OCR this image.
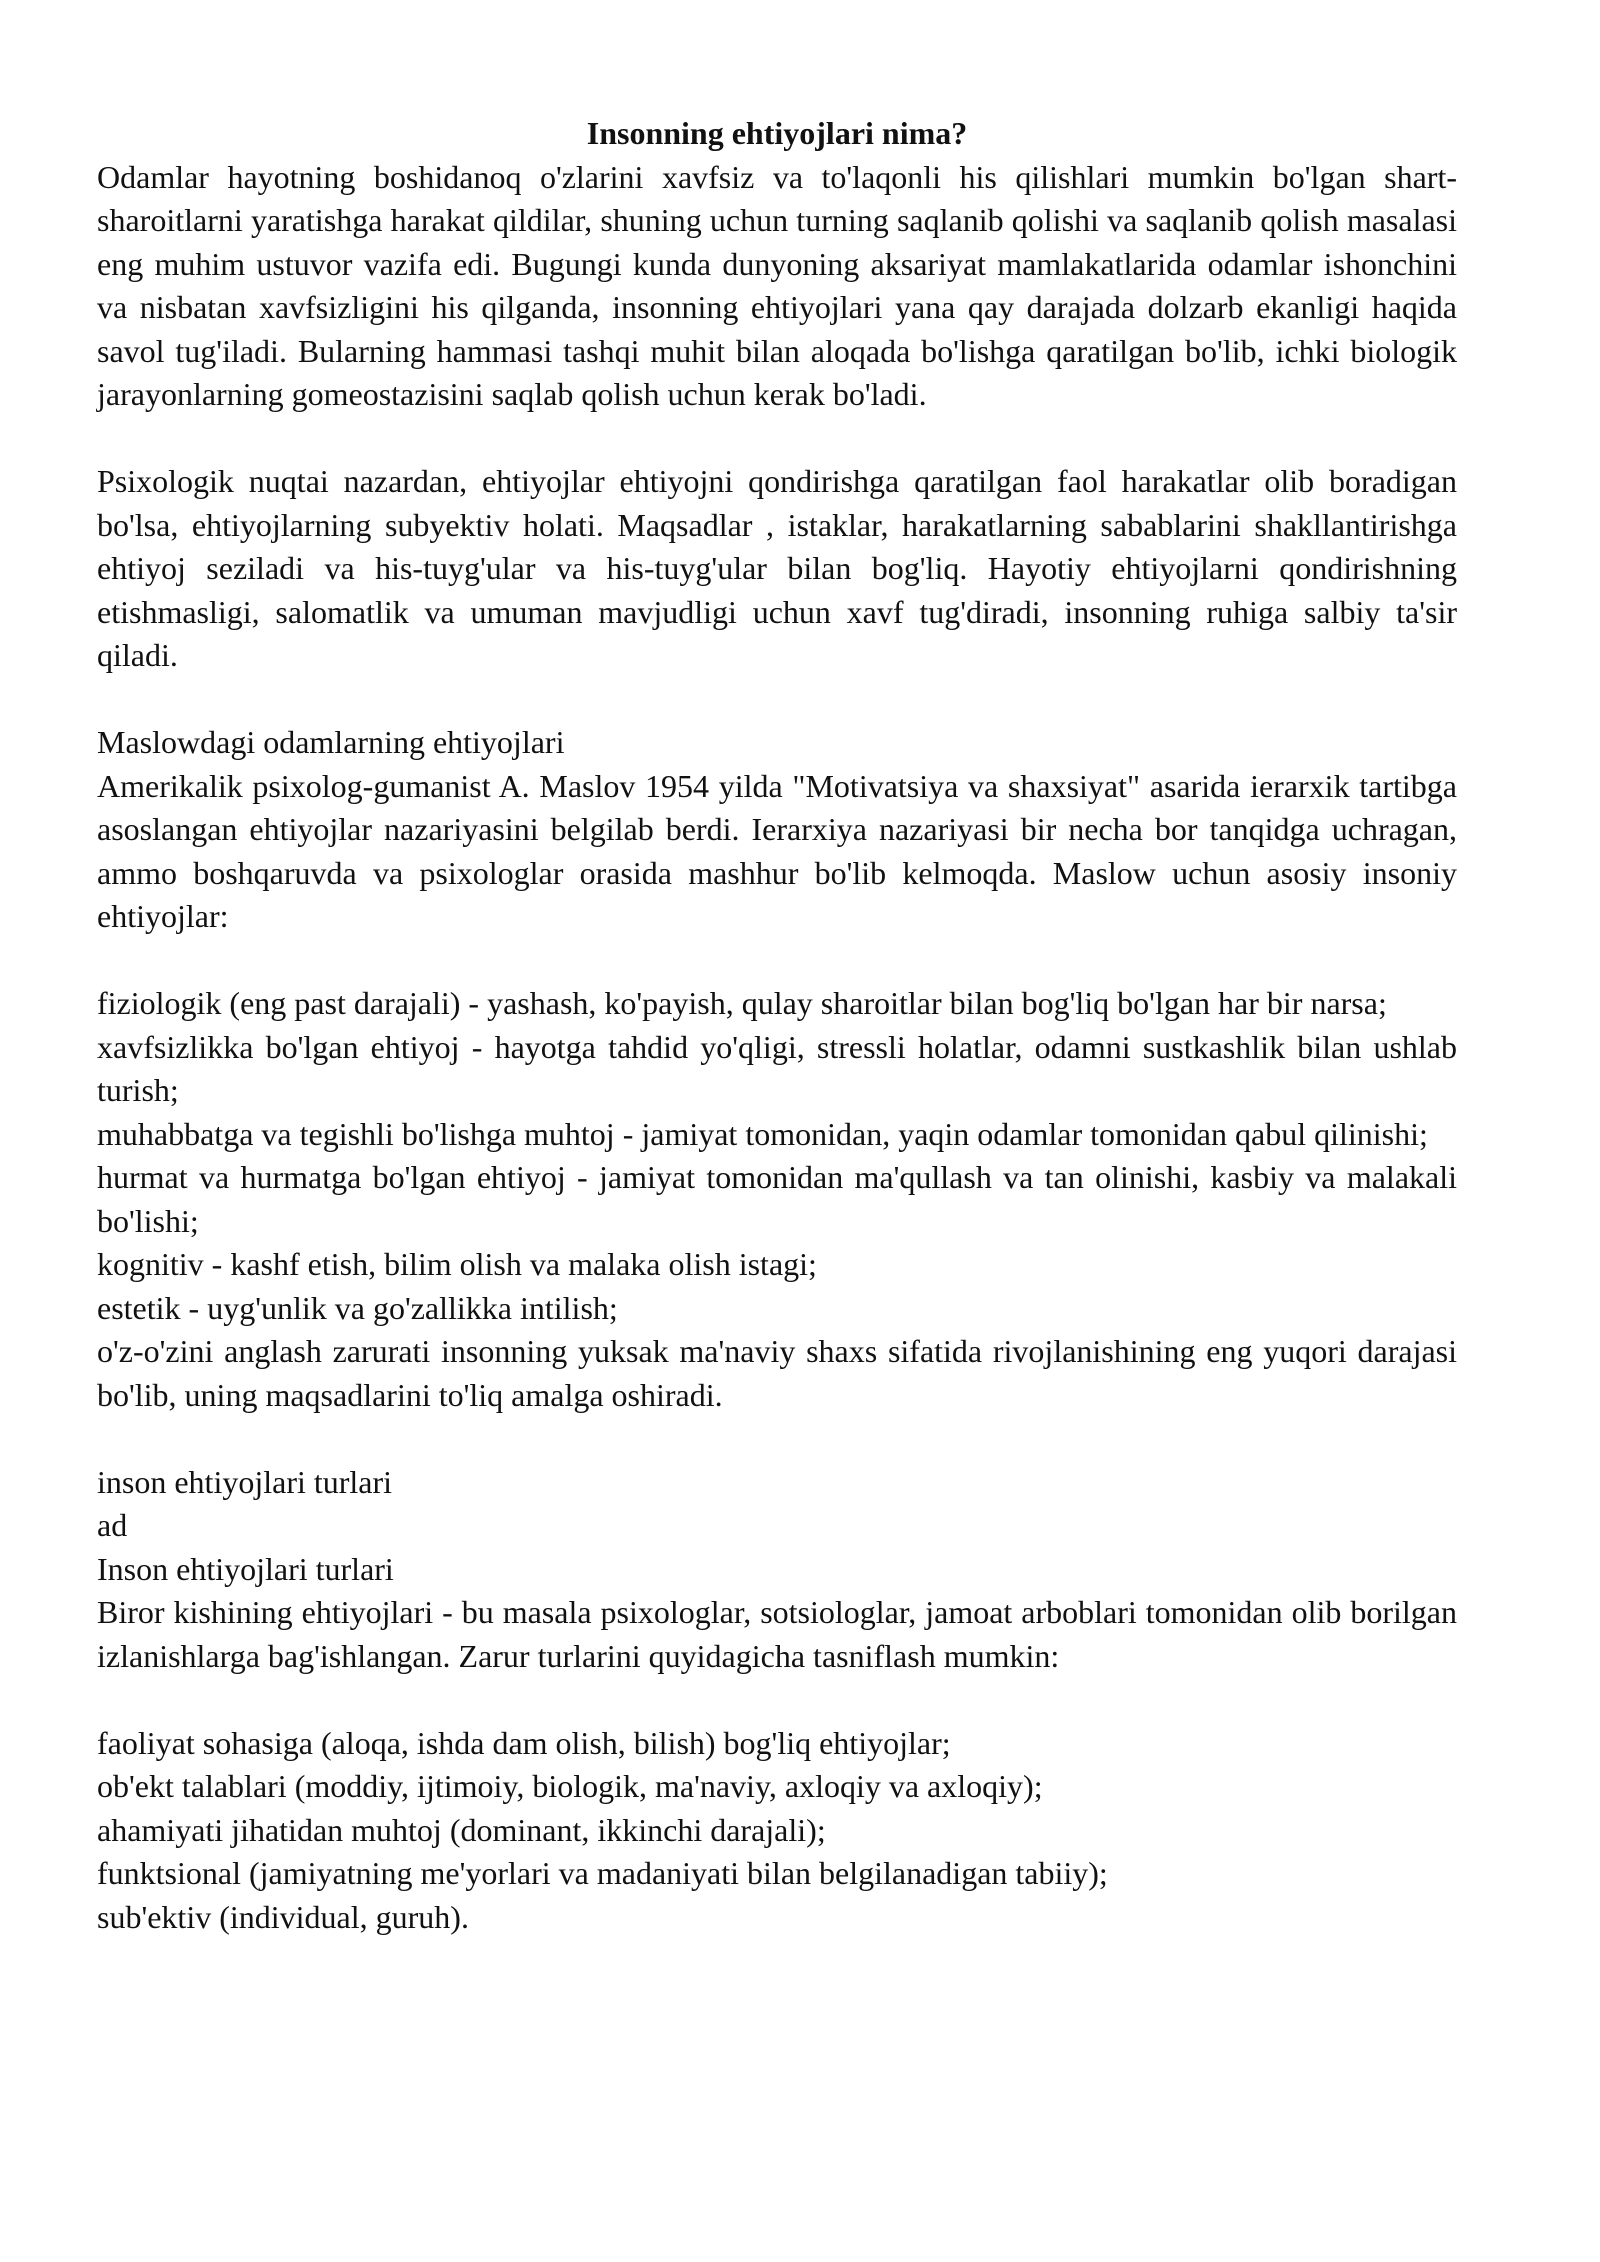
Insonning ehtiyojlari nima?

Odamlar hayotning boshidanoq o'zlarini xavfsiz va to'laqonli his qilishlari mumkin bo'lgan shart-sharoitlarni yaratishga harakat qildilar, shuning uchun turning saqlanib qolishi va saqlanib qolish masalasi eng muhim ustuvor vazifa edi. Bugungi kunda dunyoning aksariyat mamlakatlarida odamlar ishonchini va nisbatan xavfsizligini his qilganda, insonning ehtiyojlari yana qay darajada dolzarb ekanligi haqida savol tug'iladi. Bularning hammasi tashqi muhit bilan aloqada bo'lishga qaratilgan bo'lib, ichki biologik jarayonlarning gomeostazisini saqlab qolish uchun kerak bo'ladi.

Psixologik nuqtai nazardan, ehtiyojlar ehtiyojni qondirishga qaratilgan faol harakatlar olib boradigan bo'lsa, ehtiyojlarning subyektiv holati. Maqsadlar , istaklar, harakatlarning sabablarini shakllantirishga ehtiyoj seziladi va his-tuyg'ular va his-tuyg'ular bilan bog'liq. Hayotiy ehtiyojlarni qondirishning etishmasligi, salomatlik va umuman mavjudligi uchun xavf tug'diradi, insonning ruhiga salbiy ta'sir qiladi.

Maslowdagi odamlarning ehtiyojlari

Amerikalik psixolog-gumanist A. Maslov 1954 yilda "Motivatsiya va shaxsiyat" asarida ierarxik tartibga asoslangan ehtiyojlar nazariyasini belgilab berdi. Ierarxiya nazariyasi bir necha bor tanqidga uchragan, ammo boshqaruvda va psixologlar orasida mashhur bo'lib kelmoqda. Maslow uchun asosiy insoniy ehtiyojlar:

fiziologik (eng past darajali) - yashash, ko'payish, qulay sharoitlar bilan bog'liq bo'lgan har bir narsa;

xavfsizlikka bo'lgan ehtiyoj - hayotga tahdid yo'qligi, stressli holatlar, odamni sustkashlik bilan ushlab turish;

muhabbatga va tegishli bo'lishga muhtoj - jamiyat tomonidan, yaqin odamlar tomonidan qabul qilinishi;

hurmat va hurmatga bo'lgan ehtiyoj - jamiyat tomonidan ma'qullash va tan olinishi, kasbiy va malakali bo'lishi;

kognitiv - kashf etish, bilim olish va malaka olish istagi;

estetik - uyg'unlik va go'zallikka intilish;

o'z-o'zini anglash zarurati insonning yuksak ma'naviy shaxs sifatida rivojlanishining eng yuqori darajasi bo'lib, uning maqsadlarini to'liq amalga oshiradi.

inson ehtiyojlari turlari

ad

Inson ehtiyojlari turlari

Biror kishining ehtiyojlari - bu masala psixologlar, sotsiologlar, jamoat arboblari tomonidan olib borilgan izlanishlarga bag'ishlangan. Zarur turlarini quyidagicha tasniflash mumkin:

faoliyat sohasiga (aloqa, ishda dam olish, bilish) bog'liq ehtiyojlar;

ob'ekt talablari (moddiy, ijtimoiy, biologik, ma'naviy, axloqiy va axloqiy);

ahamiyati jihatidan muhtoj (dominant, ikkinchi darajali);

funktsional (jamiyatning me'yorlari va madaniyati bilan belgilanadigan tabiiy);

sub'ektiv (individual, guruh).
